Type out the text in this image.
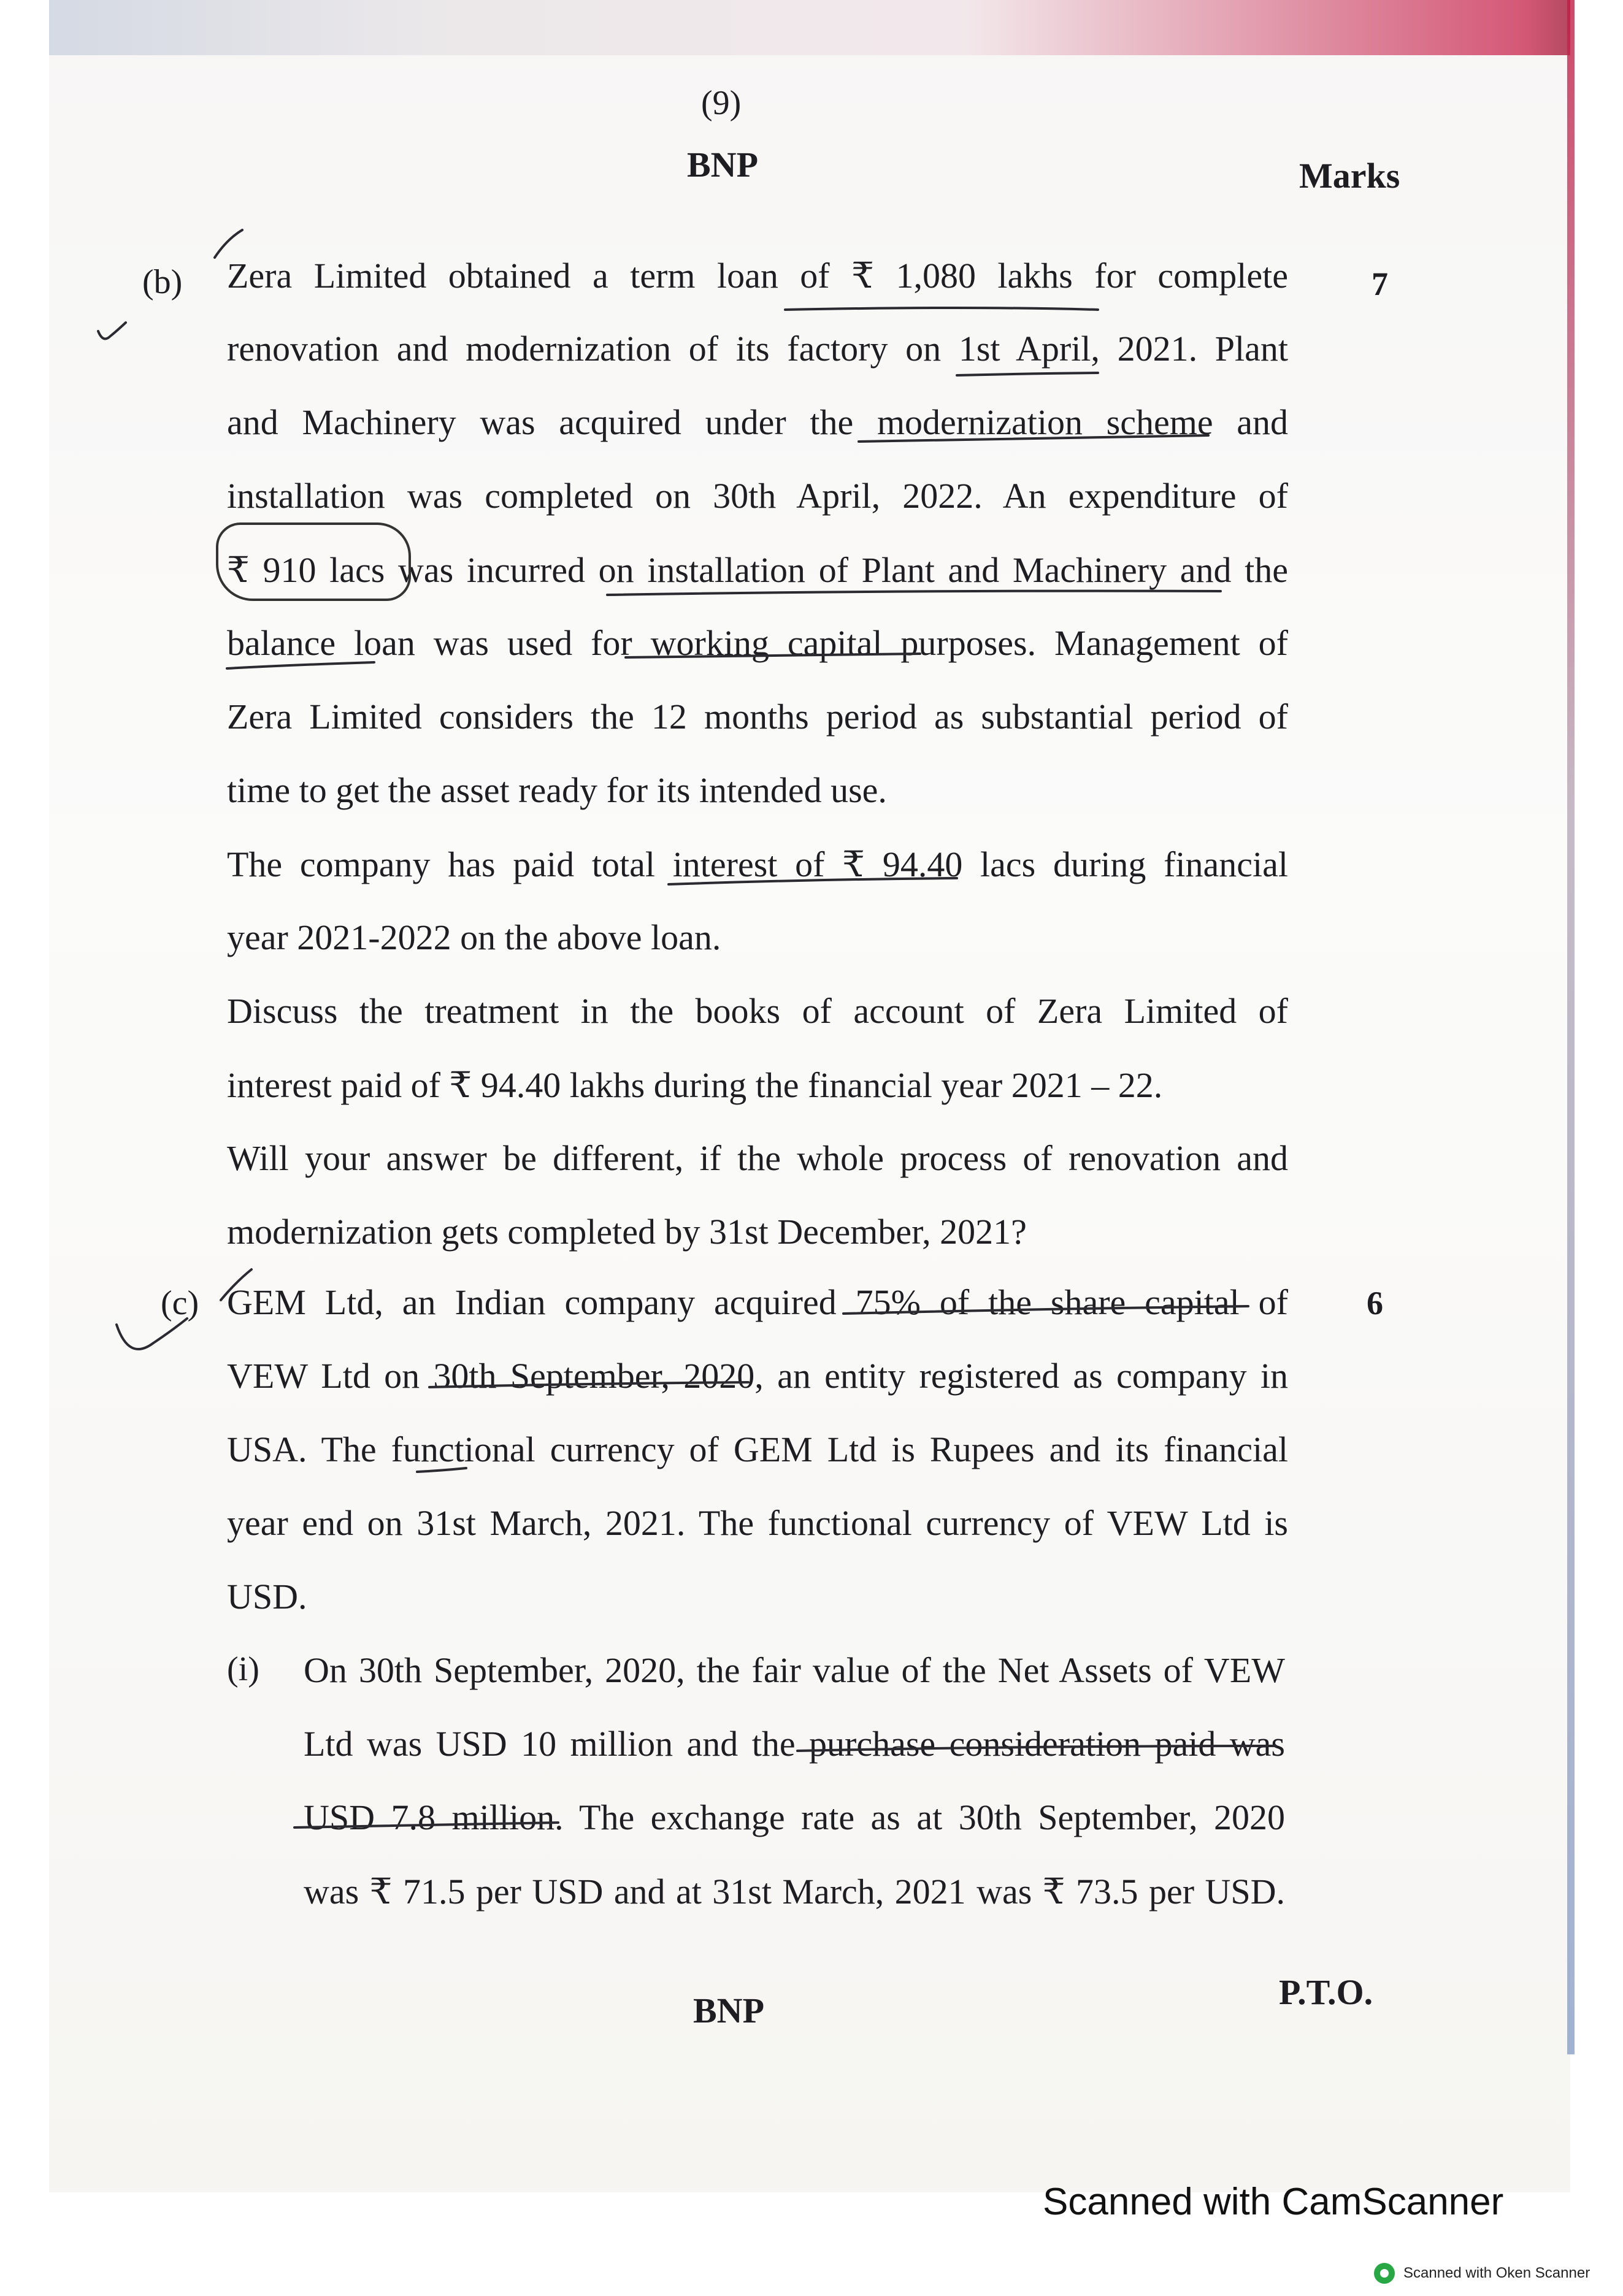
(9)
BNP	Marks
(b)	7
Zera Limited obtained a term loan of ₹ 1,080 lakhs for complete
renovation and modernization of its factory on 1st April, 2021. Plant
and Machinery was acquired under the modernization scheme and
installation was completed on 30th April, 2022. An expenditure of
₹ 910 lacs was incurred on installation of Plant and Machinery and the
balance loan was used for working capital purposes. Management of
Zera Limited considers the 12 months period as substantial period of
time to get the asset ready for its intended use.
The company has paid total interest of ₹ 94.40 lacs during financial
year 2021-2022 on the above loan.
Discuss the treatment in the books of account of Zera Limited of
interest paid of ₹ 94.40 lakhs during the financial year 2021 – 22.
Will your answer be different, if the whole process of renovation and
modernization gets completed by 31st December, 2021?
(c)	6
GEM Ltd, an Indian company acquired 75% of the share capital of
VEW Ltd on 30th September, 2020, an entity registered as company in
USA. The functional currency of GEM Ltd is Rupees and its financial
year end on 31st March, 2021. The functional currency of VEW Ltd is
USD.
(i) On 30th September, 2020, the fair value of the Net Assets of VEW
Ltd was USD 10 million and the purchase consideration paid was
USD 7.8 million. The exchange rate as at 30th September, 2020
was ₹ 71.5 per USD and at 31st March, 2021 was ₹ 73.5 per USD.
P.T.O.
BNP
Scanned with CamScanner
Scanned with Oken Scanner
